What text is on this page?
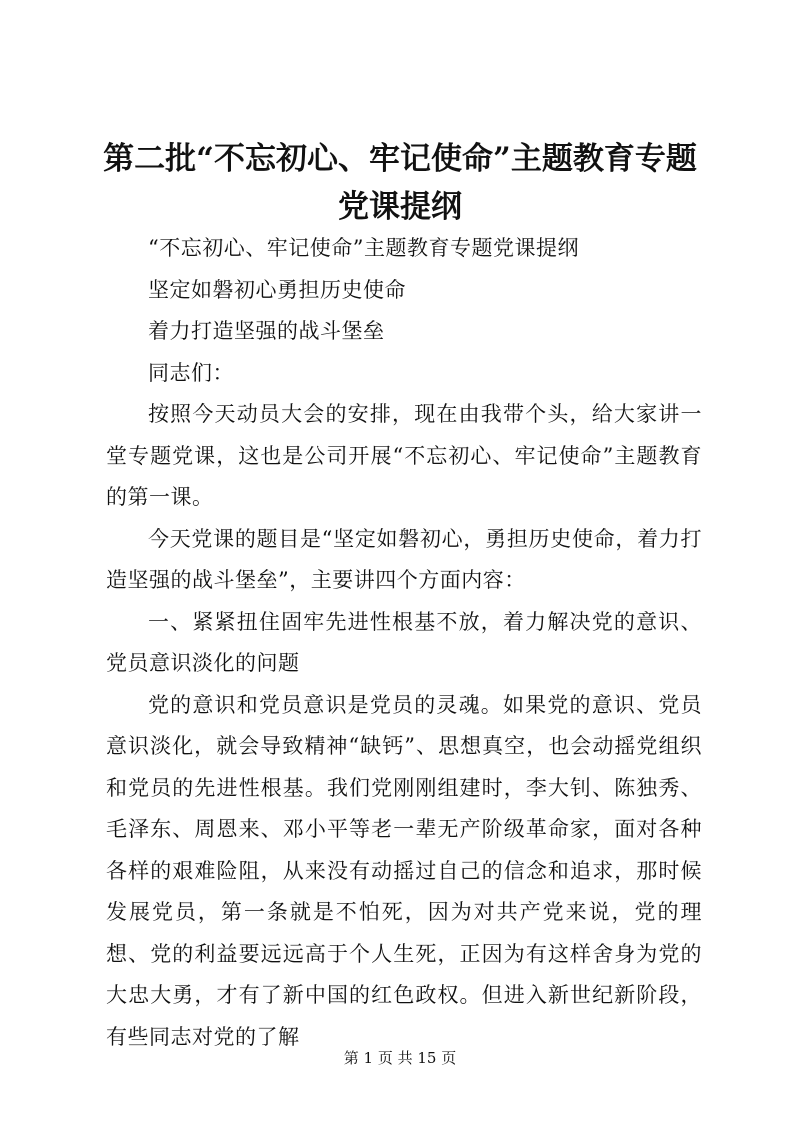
第二批“不忘初心、牢记使命”主题教育专题
党课提纲

“不忘初心、牢记使命”主题教育专题党课提纲

坚定如磐初心勇担历史使命

着力打造坚强的战斗堡垒

同志们：

按照今天动员大会的安排，现在由我带个头，给大家讲一堂专题党课，这也是公司开展“不忘初心、牢记使命”主题教育的第一课。

今天党课的题目是“坚定如磐初心，勇担历史使命，着力打造坚强的战斗堡垒”，主要讲四个方面内容：

一、紧紧扭住固牢先进性根基不放，着力解决党的意识、党员意识淡化的问题

党的意识和党员意识是党员的灵魂。如果党的意识、党员意识淡化，就会导致精神“缺钙”、思想真空，也会动摇党组织和党员的先进性根基。我们党刚刚组建时，李大钊、陈独秀、毛泽东、周恩来、邓小平等老一辈无产阶级革命家，面对各种各样的艰难险阻，从来没有动摇过自己的信念和追求，那时候发展党员，第一条就是不怕死，因为对共产党来说，党的理想、党的利益要远远高于个人生死，正因为有这样舍身为党的大忠大勇，才有了新中国的红色政权。但进入新世纪新阶段，有些同志对党的了解

第 1 页 共 15 页
